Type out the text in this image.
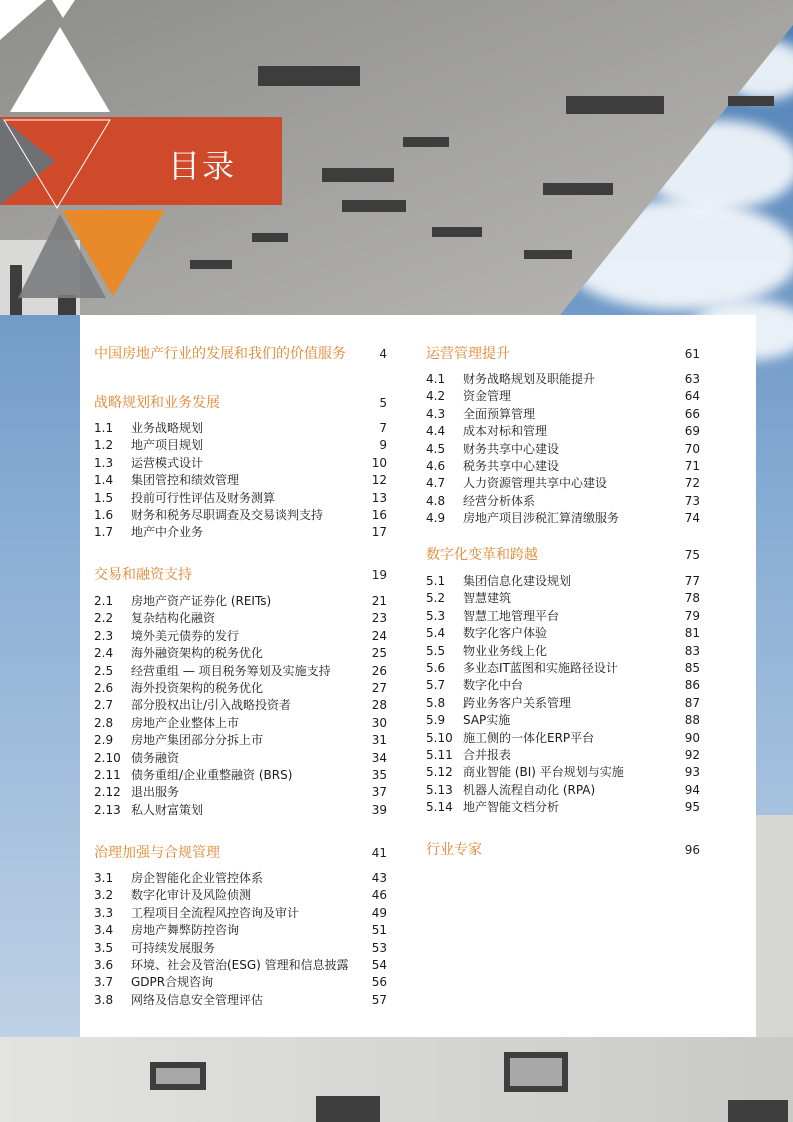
目录
中国房地产行业的发展和我们的价值服务	4
战略规划和业务发展	5
1.1 业务战略规划	7
1.2 地产项目规划	9
1.3 运营模式设计	10
1.4 集团管控和绩效管理	12
1.5 投前可行性评估及财务测算	13
1.6 财务和税务尽职调查及交易谈判支持	16
1.7 地产中介业务	17
交易和融资支持	19
2.1 房地产资产证券化 (REITs)	21
2.2 复杂结构化融资	23
2.3 境外美元债券的发行	24
2.4 海外融资架构的税务优化	25
2.5 经营重组 — 项目税务筹划及实施支持	26
2.6 海外投资架构的税务优化	27
2.7 部分股权出让/引入战略投资者	28
2.8 房地产企业整体上市	30
2.9 房地产集团部分分拆上市	31
2.10 债务融资	34
2.11 债务重组/企业重整融资 (BRS)	35
2.12 退出服务	37
2.13 私人财富策划	39
治理加强与合规管理	41
3.1 房企智能化企业管控体系	43
3.2 数字化审计及风险侦测	46
3.3 工程项目全流程风控咨询及审计	49
3.4 房地产舞弊防控咨询	51
3.5 可持续发展服务	53
3.6 环境、社会及管治(ESG) 管理和信息披露 54
3.7 GDPR合规咨询	56
3.8 网络及信息安全管理评估	57
运营管理提升	61
4.1 财务战略规划及职能提升	63
4.2 资金管理	64
4.3 全面预算管理	66
4.4 成本对标和管理	69
4.5 财务共享中心建设	70
4.6 税务共享中心建设	71
4.7 人力资源管理共享中心建设	72
4.8 经营分析体系	73
4.9 房地产项目涉税汇算清缴服务	74
数字化变革和跨越	75
5.1 集团信息化建设规划	77
5.2 智慧建筑	78
5.3 智慧工地管理平台	79
5.4 数字化客户体验	81
5.5 物业业务线上化	83
5.6 多业态IT蓝图和实施路径设计	85
5.7 数字化中台	86
5.8 跨业务客户关系管理	87
5.9 SAP实施	88
5.10 施工侧的一体化ERP平台	90
5.11 合并报表	92
5.12 商业智能 (BI) 平台规划与实施	93
5.13 机器人流程自动化 (RPA)	94
5.14 地产智能文档分析	95
行业专家	96
